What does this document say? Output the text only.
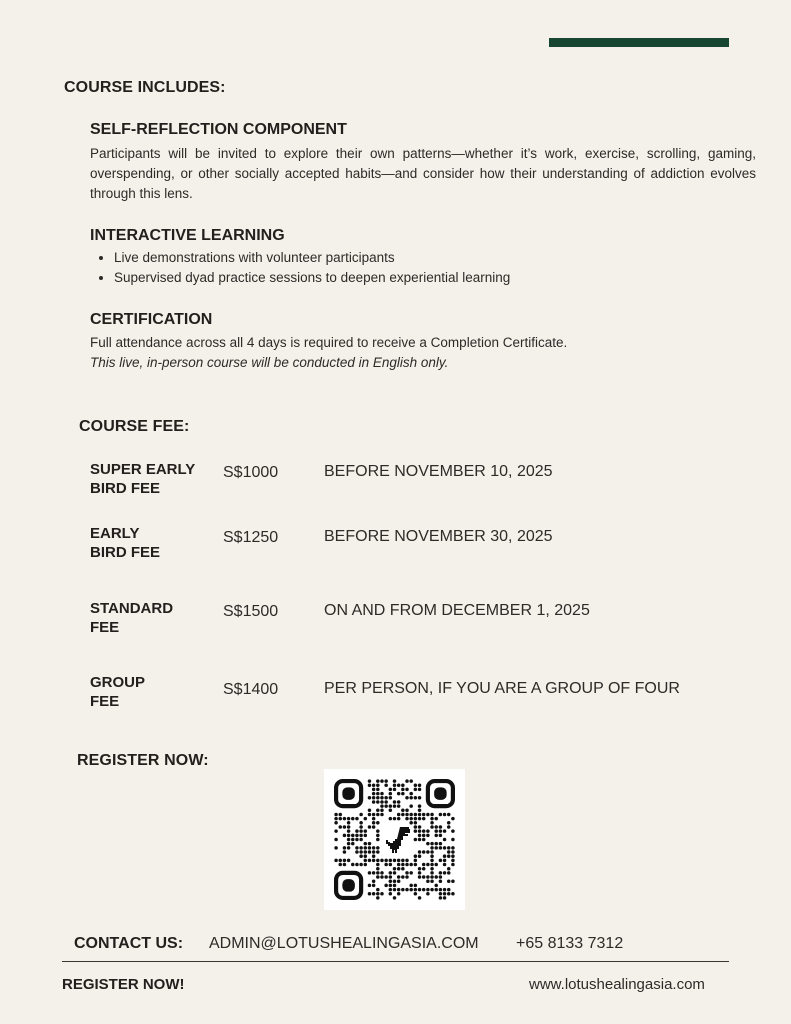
COURSE INCLUDES:
SELF-REFLECTION COMPONENT
Participants will be invited to explore their own patterns—whether it’s work, exercise, scrolling, gaming, overspending, or other socially accepted habits—and consider how their understanding of addiction evolves through this lens.
INTERACTIVE LEARNING
• Live demonstrations with volunteer participants
• Supervised dyad practice sessions to deepen experiential learning
CERTIFICATION
Full attendance across all 4 days is required to receive a Completion Certificate.
This live, in-person course will be conducted in English only.
COURSE FEE:
SUPER EARLY
BIRD FEE
S$1000	BEFORE NOVEMBER 10, 2025
EARLY
BIRD FEE
S$1250	BEFORE NOVEMBER 30, 2025
STANDARD
FEE
S$1500	ON AND FROM DECEMBER 1, 2025
GROUP
FEE
S$1400	PER PERSON, IF YOU ARE A GROUP OF FOUR
REGISTER NOW:
CONTACT US: ADMIN@LOTUSHEALINGASIA.COM +65 8133 7312
REGISTER NOW!	www.lotushealingasia.com
